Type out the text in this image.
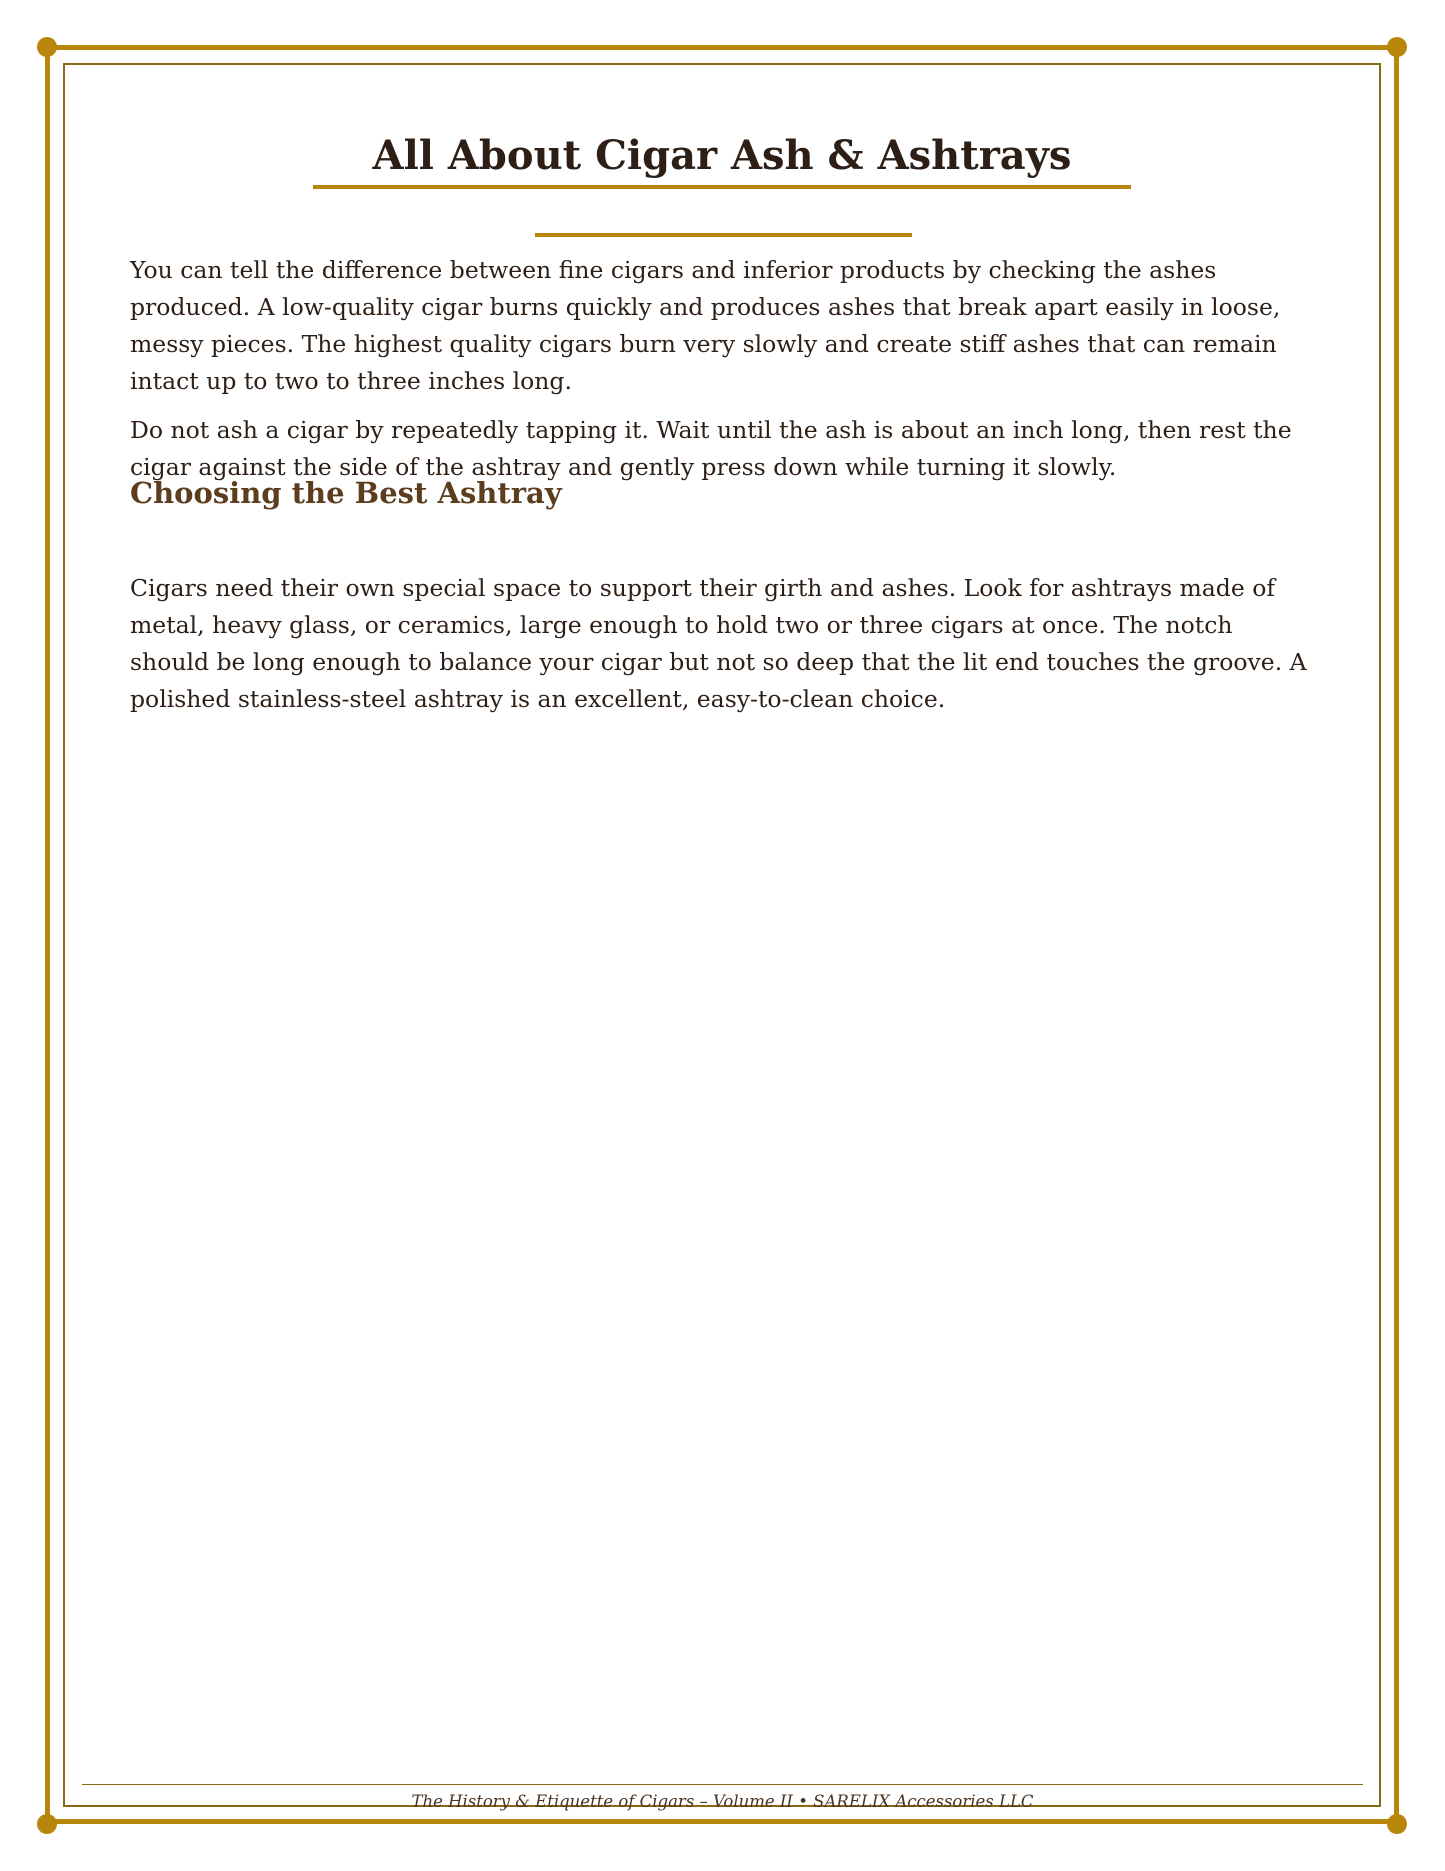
All About Cigar Ash & Ashtrays

You can tell the difference between fine cigars and inferior products by checking the ashes produced. A low-quality cigar burns quickly and produces ashes that break apart easily in loose, messy pieces. The highest quality cigars burn very slowly and create stiff ashes that can remain intact up to two to three inches long.

Do not ash a cigar by repeatedly tapping it. Wait until the ash is about an inch long, then rest the cigar against the side of the ashtray and gently press down while turning it slowly.

Choosing the Best Ashtray

Cigars need their own special space to support their girth and ashes. Look for ashtrays made of metal, heavy glass, or ceramics, large enough to hold two or three cigars at once. The notch should be long enough to balance your cigar but not so deep that the lit end touches the groove. A polished stainless-steel ashtray is an excellent, easy-to-clean choice.

The History & Etiquette of Cigars – Volume II • SARELIX Accessories LLC
